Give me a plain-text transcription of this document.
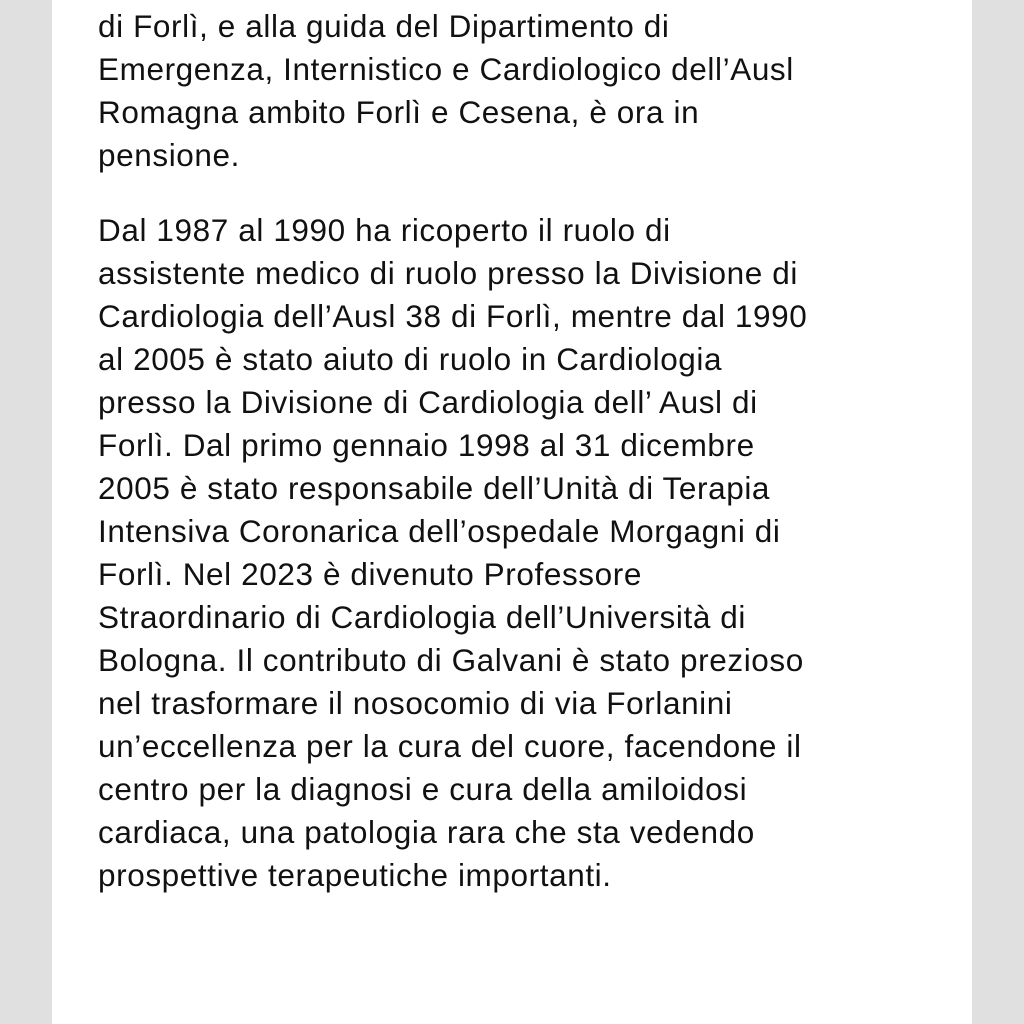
di Forlì, e alla guida del Dipartimento di
Emergenza, Internistico e Cardiologico dell’Ausl
Romagna ambito Forlì e Cesena, è ora in
pensione.
Dal 1987 al 1990 ha ricoperto il ruolo di
assistente medico di ruolo presso la Divisione di
Cardiologia dell’Ausl 38 di Forlì, mentre dal 1990
al 2005 è stato aiuto di ruolo in Cardiologia
presso la Divisione di Cardiologia dell’ Ausl di
Forlì. Dal primo gennaio 1998 al 31 dicembre
2005 è stato responsabile dell’Unità di Terapia
Intensiva Coronarica dell’ospedale Morgagni di
Forlì. Nel 2023 è divenuto Professore
Straordinario di Cardiologia dell’Università di
Bologna. Il contributo di Galvani è stato prezioso
nel trasformare il nosocomio di via Forlanini
un’eccellenza per la cura del cuore, facendone il
centro per la diagnosi e cura della amiloidosi
cardiaca, una patologia rara che sta vedendo
prospettive terapeutiche importanti.
